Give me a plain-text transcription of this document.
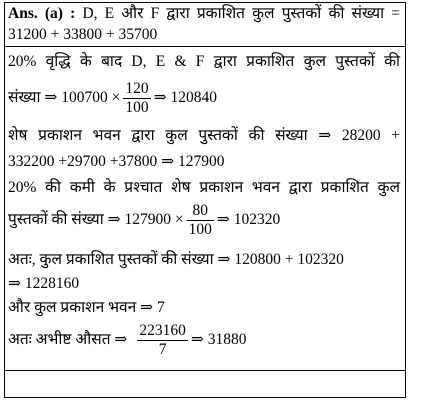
Ans. (a) : D, E और F द्वारा प्रकाशित कुल पुस्तकों की संख्या =
31200 + 33800 + 35700
20% वृद्धि के बाद D, E & F द्वारा प्रकाशित कुल पुस्तकों की
संख्या ⇒ $100700 \times \frac{120}{100}$ ⇒ 120840
शेष प्रकाशन भवन द्वारा कुल पुस्तकों की संख्या ⇒ 28200 +
332200 +29700 +37800 ⇒ 127900
20% की कमी के प्रश्चात शेष प्रकाशन भवन द्वारा प्रकाशित कुल
पुस्तकों की संख्या ⇒ $127900 \times \frac{80}{100}$ ⇒ 102320
अतः, कुल प्रकाशित पुस्तकों की संख्या ⇒ 120800 + 102320
⇒ 1228160
और कुल प्रकाशन भवन ⇒ 7
अतः अभीष्ट औसत ⇒ $\frac{223160}{7}$ ⇒ 31880
